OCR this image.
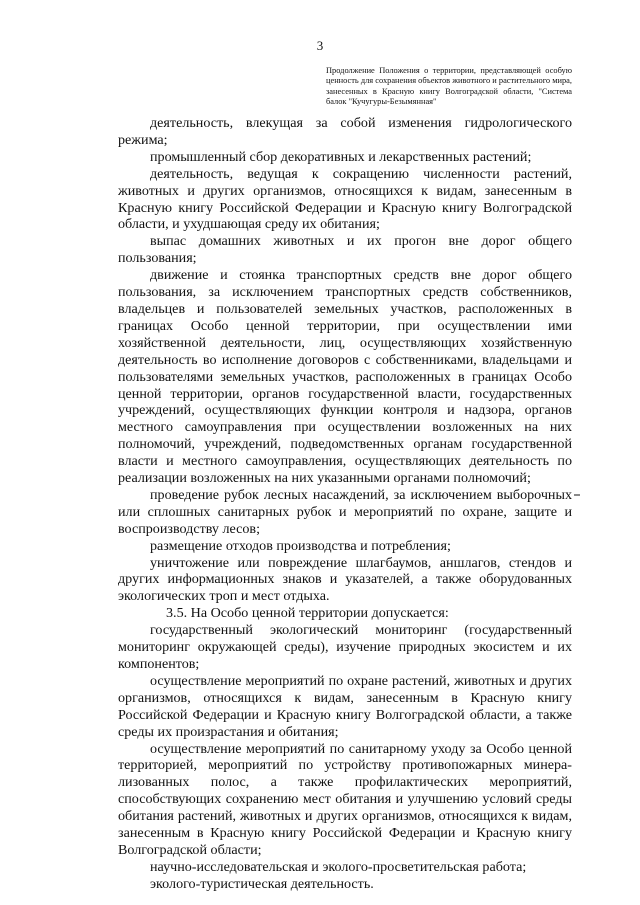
3
Продолжение Положения о территории, представляющей особую ценность для сохранения объектов животного и растительного мира, занесенных в Красную книгу Волгоградской области, "Система балок "Кучугуры-Безымянная"

деятельность, влекущая за собой изменения гидрологического режима;

промышленный сбор декоративных и лекарственных растений;

деятельность, ведущая к сокращению численности растений, животных и других организмов, относящихся к видам, занесенным в Красную книгу Российской Федерации и Красную книгу Волгоградской области, и ухудшающая среду их обитания;

выпас домашних животных и их прогон вне дорог общего пользования;

движение и стоянка транспортных средств вне дорог общего пользования, за исключением транспортных средств собственников, владельцев и пользователей земельных участков, расположенных в границах Особо ценной территории, при осуществлении ими хозяйственной деятельности, лиц, осуществляющих хозяйственную деятельность во исполнение договоров с собственниками, владельцами и пользователями земельных участков, расположенных в границах Особо ценной территории, органов государственной власти, государственных учреждений, осуществляющих функции контроля и надзора, органов местного самоуправления при осуществлении возложенных на них полномочий, учреждений, подведомственных органам государственной власти и местного самоуправления, осуществляющих деятельность по реализации возложенных на них указанными органами полномочий;

проведение рубок лесных насаждений, за исключением выборочных или сплошных санитарных рубок и мероприятий по охране, защите и воспроизводству лесов;

размещение отходов производства и потребления;

уничтожение или повреждение шлагбаумов, аншлагов, стендов и других информационных знаков и указателей, а также оборудованных экологических троп и мест отдыха.

3.5. На Особо ценной территории допускается:

государственный экологический мониторинг (государственный мониторинг окружающей среды), изучение природных экосистем и их компонентов;

осуществление мероприятий по охране растений, животных и других организмов, относящихся к видам, занесенным в Красную книгу Российской Федерации и Красную книгу Волгоградской области, а также среды их произрастания и обитания;

осуществление мероприятий по санитарному уходу за Особо ценной территорией, мероприятий по устройству противопожарных минера-лизованных полос, а также профилактических мероприятий, способствующих сохранению мест обитания и улучшению условий среды обитания растений, животных и других организмов, относящихся к видам, занесенным в Красную книгу Российской Федерации и Красную книгу Волгоградской области;

научно-исследовательская и эколого-просветительская работа;

эколого-туристическая деятельность.
